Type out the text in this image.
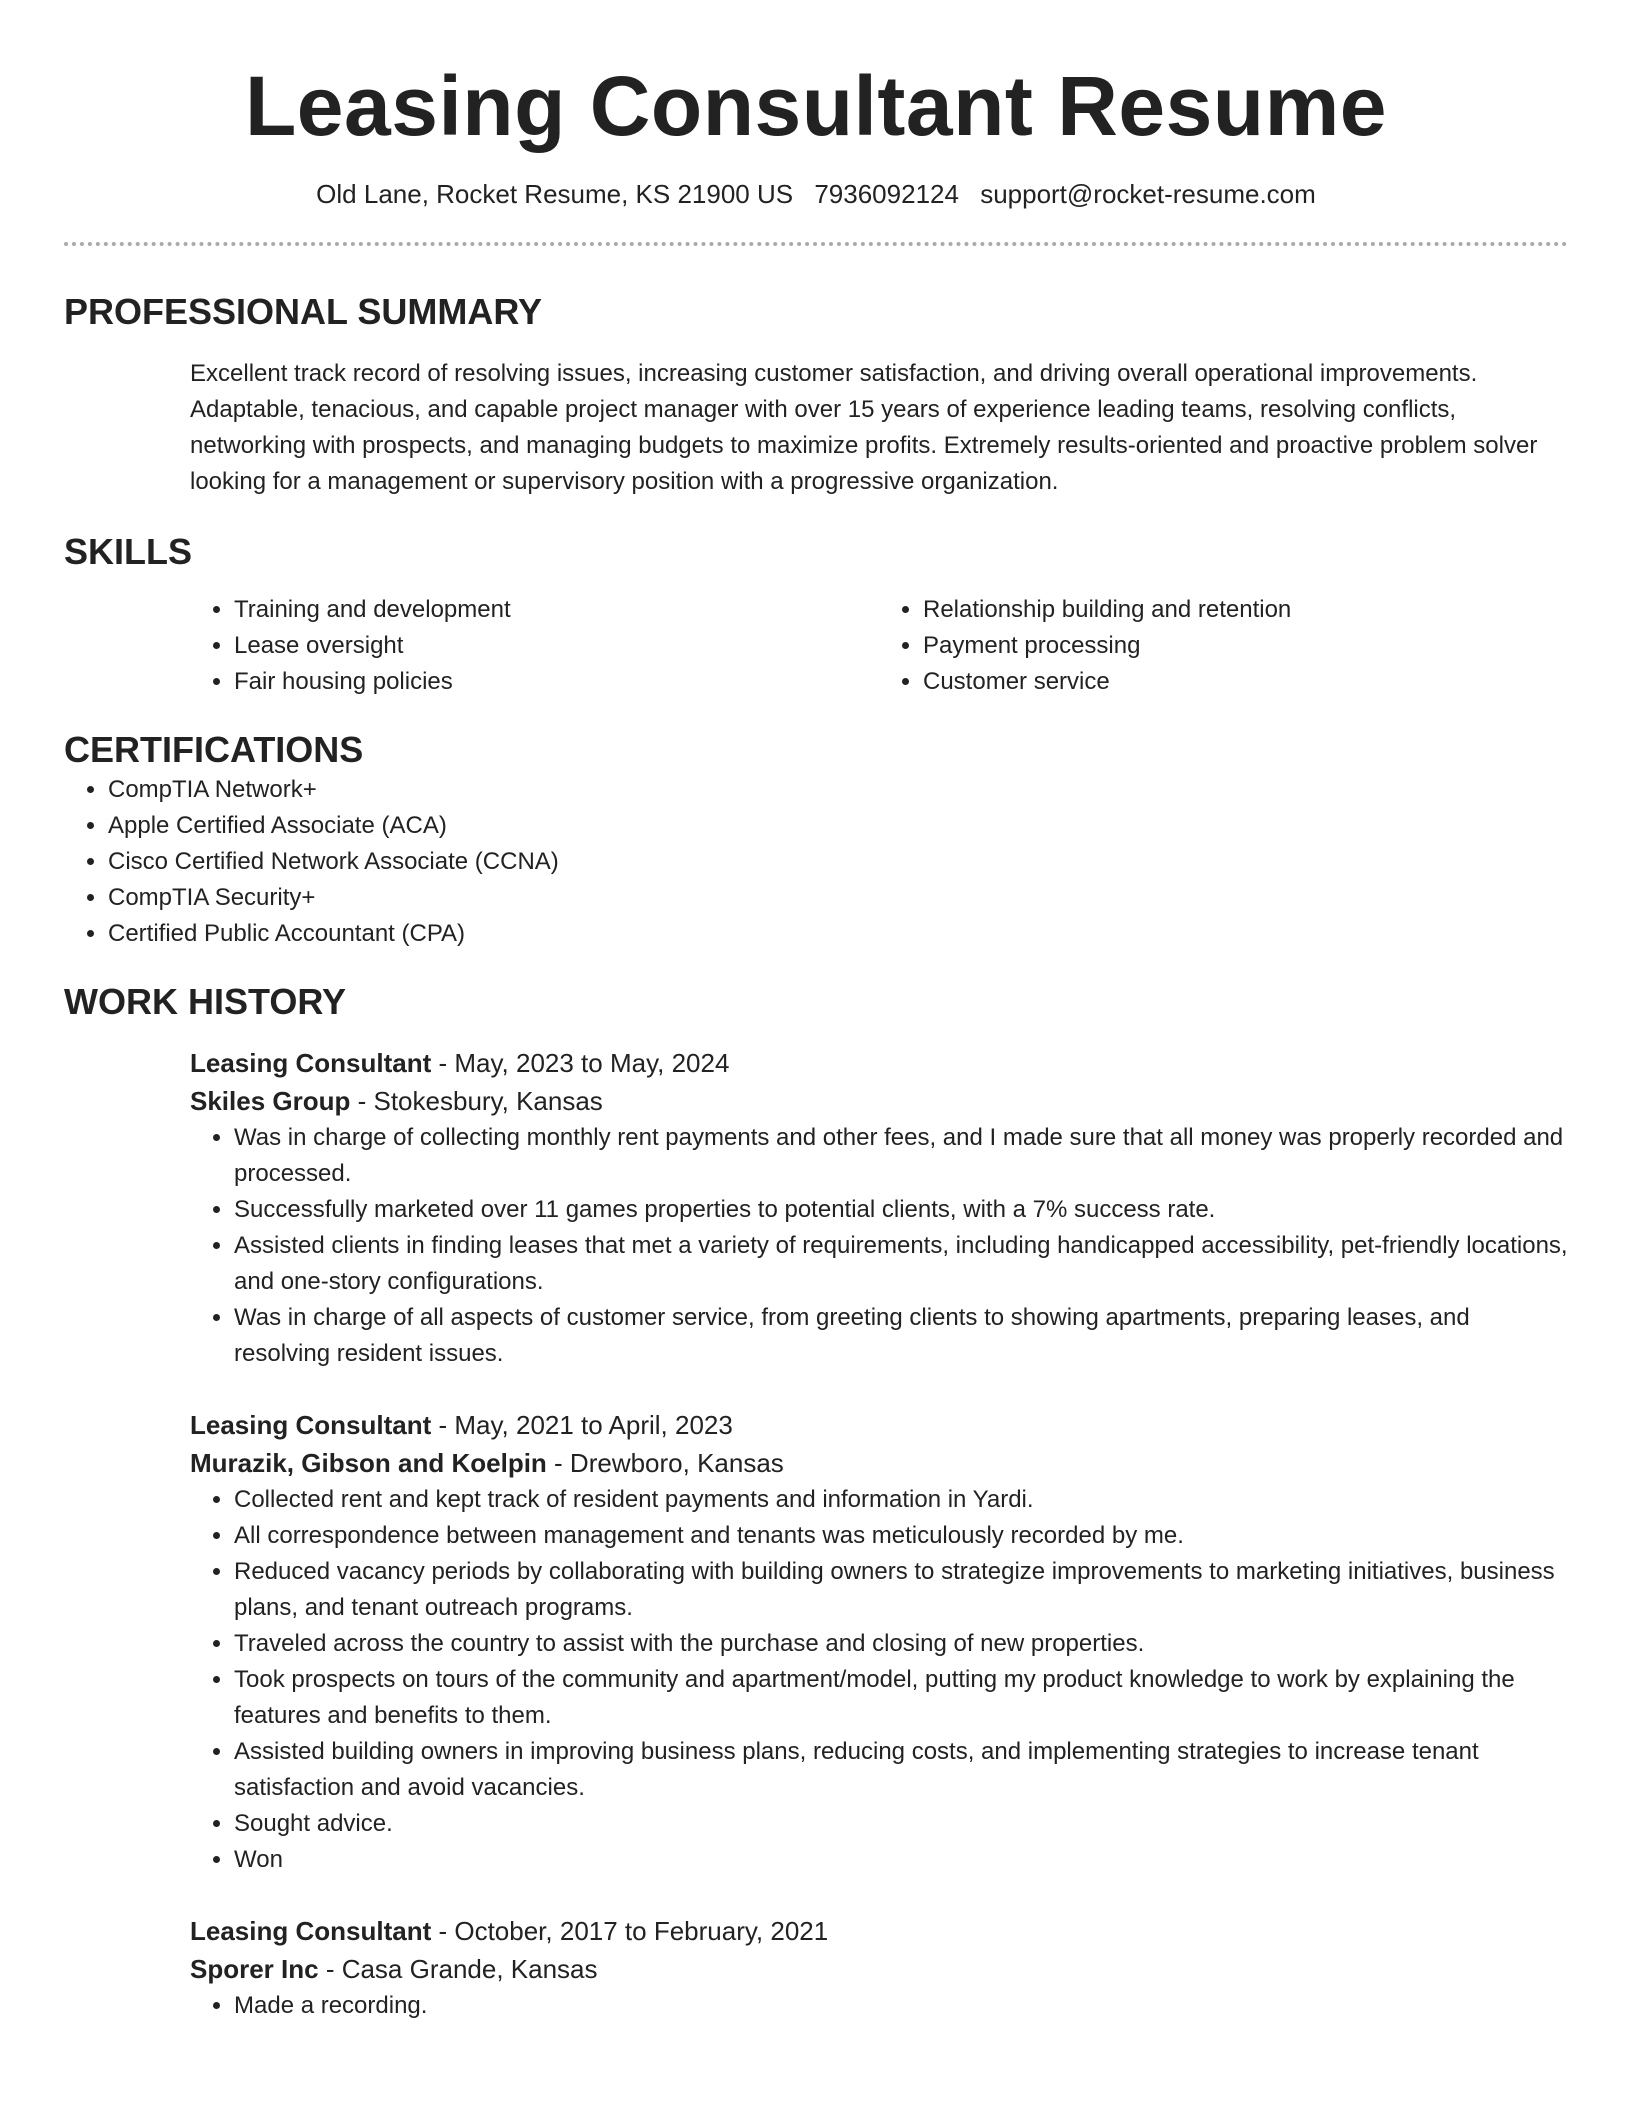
Leasing Consultant Resume
Old Lane, Rocket Resume, KS 21900 US 7936092124 support@rocket-resume.com
PROFESSIONAL SUMMARY

Excellent track record of resolving issues, increasing customer satisfaction, and driving overall operational improvements. Adaptable, tenacious, and capable project manager with over 15 years of experience leading teams, resolving conflicts, networking with prospects, and managing budgets to maximize profits. Extremely results-oriented and proactive problem solver looking for a management or supervisory position with a progressive organization.

SKILLS
• Training and development
• Lease oversight
• Fair housing policies
• Relationship building and retention
• Payment processing
• Customer service
CERTIFICATIONS
• CompTIA Network+
• Apple Certified Associate (ACA)
• Cisco Certified Network Associate (CCNA)
• CompTIA Security+
• Certified Public Accountant (CPA)
WORK HISTORY
Leasing Consultant - May, 2023 to May, 2024
Skiles Group - Stokesbury, Kansas
• Was in charge of collecting monthly rent payments and other fees, and I made sure that all money was properly recorded and processed.
• Successfully marketed over 11 games properties to potential clients, with a 7% success rate.
• Assisted clients in finding leases that met a variety of requirements, including handicapped accessibility, pet-friendly locations, and one-story configurations.
• Was in charge of all aspects of customer service, from greeting clients to showing apartments, preparing leases, and resolving resident issues.
Leasing Consultant - May, 2021 to April, 2023
Murazik, Gibson and Koelpin - Drewboro, Kansas
• Collected rent and kept track of resident payments and information in Yardi.
• All correspondence between management and tenants was meticulously recorded by me.
• Reduced vacancy periods by collaborating with building owners to strategize improvements to marketing initiatives, business plans, and tenant outreach programs.
• Traveled across the country to assist with the purchase and closing of new properties.
• Took prospects on tours of the community and apartment/model, putting my product knowledge to work by explaining the features and benefits to them.
• Assisted building owners in improving business plans, reducing costs, and implementing strategies to increase tenant satisfaction and avoid vacancies.
• Sought advice.
• Won
Leasing Consultant - October, 2017 to February, 2021
Sporer Inc - Casa Grande, Kansas
• Made a recording.
